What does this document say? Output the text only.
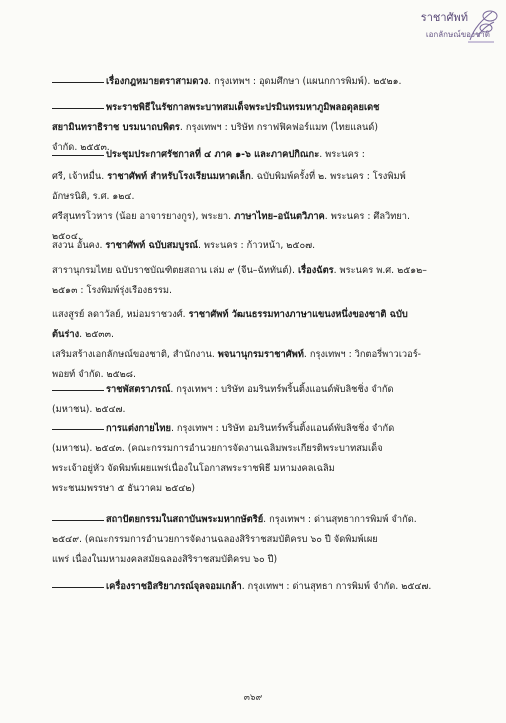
ราชาศัพท์
เอกลักษณ์ของชาติ
เรื่องกฎหมายตราสามดวง. กรุงเทพฯ : อุดมศึกษา (แผนกการพิมพ์). ๒๕๒๑.
พระราชพิธีในรัชกาลพระบาทสมเด็จพระปรมินทรมหาภูมิพลอดุลยเดช
สยามินทราธิราช บรมนาถบพิตร. กรุงเทพฯ : บริษัท กราฟฟิคฟอร์แมท (ไทยแลนด์)
จำกัด. ๒๕๕๓.
ประชุมประกาศรัชกาลที่ ๔ ภาค ๑-๖ และภาคปกิณกะ. พระนคร :
ศรี, เจ้าหมื่น. ราชาศัพท์ สำหรับโรงเรียนมหาดเล็ก. ฉบับพิมพ์ครั้งที่ ๒. พระนคร : โรงพิมพ์
อักษรนิติ, ร.ศ. ๑๒๔.
ศรีสุนทรโวหาร (น้อย อาจารยางกูร), พระยา. ภาษาไทย–อนันตวิภาค. พระนคร : ศึลวิทยา.
๒๕๐๔.
สงวน อั้นคง. ราชาศัพท์ ฉบับสมบูรณ์. พระนคร : ก้าวหน้า, ๒๕๐๗.
สารานุกรมไทย ฉบับราชบัณฑิตยสถาน เล่ม ๙ (จีน–ฉัททันต์). เรื่องฉัตร. พระนคร พ.ศ. ๒๕๑๒–
๒๕๑๓ : โรงพิมพ์รุ่งเรืองธรรม.
แสงสูรย์ ลดาวัลย์, หม่อมราชวงศ์. ราชาศัพท์ วัฒนธรรมทางภาษาแขนงหนึ่งของชาติ ฉบับ
ต้นร่าง. ๒๕๓๓.
เสริมสร้างเอกลักษณ์ของชาติ, สำนักงาน. พจนานุกรมราชาศัพท์. กรุงเทพฯ : วิกตอรี่พาวเวอร์-
พอยท์ จำกัด. ๒๕๒๘.
ราชพัสตราภรณ์. กรุงเทพฯ : บริษัท อมรินทร์พริ้นติ้งแอนด์พับลิชชิ่ง จำกัด
(มหาชน). ๒๕๔๗.
การแต่งกายไทย. กรุงเทพฯ : บริษัท อมรินทร์พริ้นติ้งแอนด์พับลิชชิ่ง จำกัด
(มหาชน). ๒๕๔๓. (คณะกรรมการอำนวยการจัดงานเฉลิมพระเกียรติพระบาทสมเด็จ
พระเจ้าอยู่หัว จัดพิมพ์เผยแพร่เนื่องในโอกาสพระราชพิธี มหามงคลเฉลิม
พระชนมพรรษา ๕ ธันวาคม ๒๕๔๒)
สถาปัตยกรรมในสถาบันพระมหากษัตริย์. กรุงเทพฯ : ด่านสุทธาการพิมพ์ จำกัด.
๒๕๔๙. (คณะกรรมการอำนวยการจัดงานฉลองสิริราชสมบัติครบ ๖๐ ปี จัดพิมพ์เผย
แพร่ เนื่องในมหามงคลสมัยฉลองสิริราชสมบัติครบ ๖๐ ปี)
เครื่องราชอิสริยาภรณ์จุลจอมเกล้า. กรุงเทพฯ : ด่านสุทธา การพิมพ์ จำกัด. ๒๕๔๗.
๓๖๙
